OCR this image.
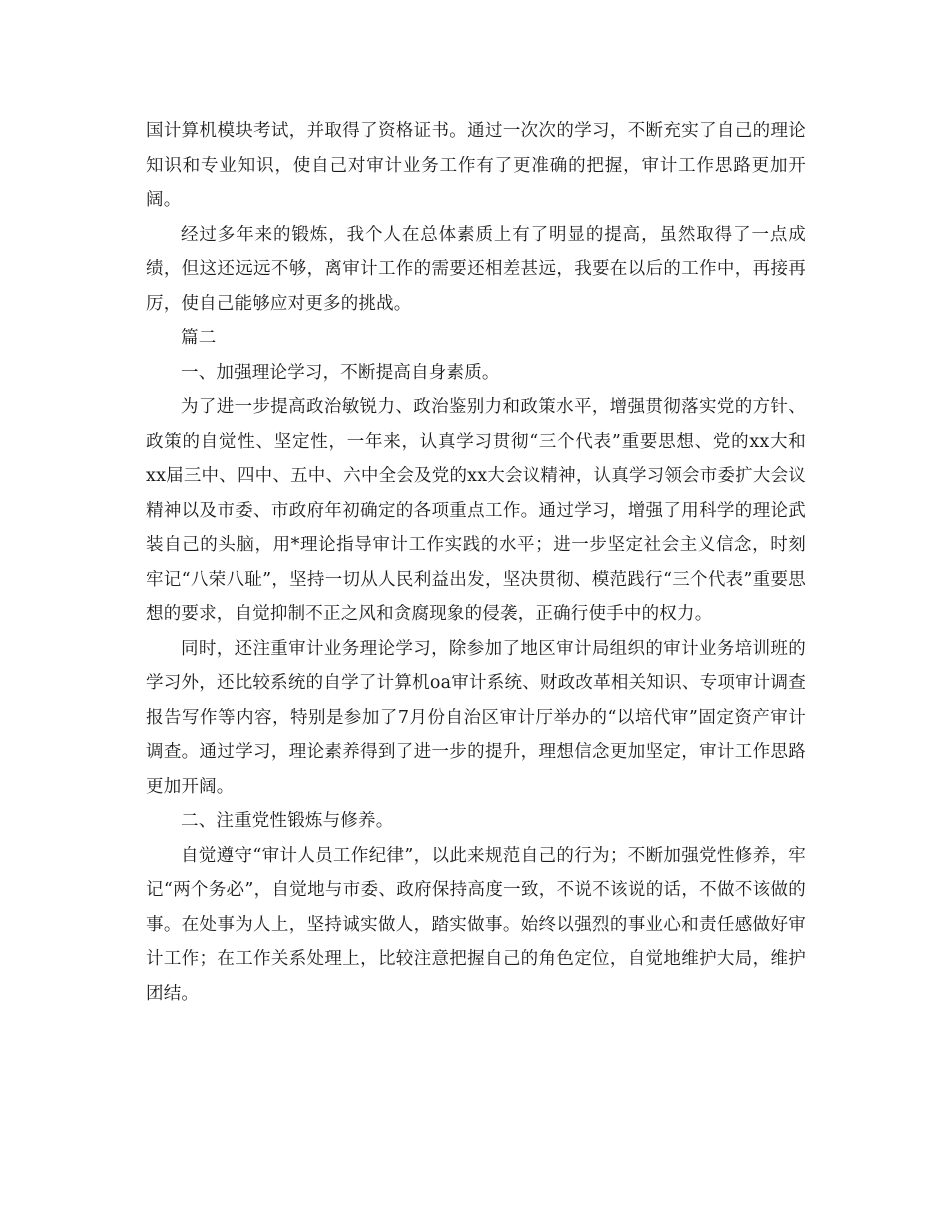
国计算机模块考试，并取得了资格证书。通过一次次的学习，不断充实了自己的理论知识和专业知识，使自己对审计业务工作有了更准确的把握，审计工作思路更加开阔。

经过多年来的锻炼，我个人在总体素质上有了明显的提高，虽然取得了一点成绩，但这还远远不够，离审计工作的需要还相差甚远，我要在以后的工作中，再接再厉，使自己能够应对更多的挑战。

篇二

一、加强理论学习，不断提高自身素质。

为了进一步提高政治敏锐力、政治鉴别力和政策水平，增强贯彻落实党的方针、政策的自觉性、坚定性，一年来，认真学习贯彻“三个代表”重要思想、党的xx大和xx届三中、四中、五中、六中全会及党的xx大会议精神，认真学习领会市委扩大会议精神以及市委、市政府年初确定的各项重点工作。通过学习，增强了用科学的理论武装自己的头脑，用*理论指导审计工作实践的水平；进一步坚定社会主义信念，时刻牢记“八荣八耻”，坚持一切从人民利益出发，坚决贯彻、模范践行“三个代表”重要思想的要求，自觉抑制不正之风和贪腐现象的侵袭，正确行使手中的权力。

同时，还注重审计业务理论学习，除参加了地区审计局组织的审计业务培训班的学习外，还比较系统的自学了计算机oa审计系统、财政改革相关知识、专项审计调查报告写作等内容，特别是参加了7月份自治区审计厅举办的“以培代审”固定资产审计调查。通过学习，理论素养得到了进一步的提升，理想信念更加坚定，审计工作思路更加开阔。

二、注重党性锻炼与修养。

自觉遵守“审计人员工作纪律”，以此来规范自己的行为；不断加强党性修养，牢记“两个务必”，自觉地与市委、政府保持高度一致，不说不该说的话，不做不该做的事。在处事为人上，坚持诚实做人，踏实做事。始终以强烈的事业心和责任感做好审计工作；在工作关系处理上，比较注意把握自己的角色定位，自觉地维护大局，维护团结。
